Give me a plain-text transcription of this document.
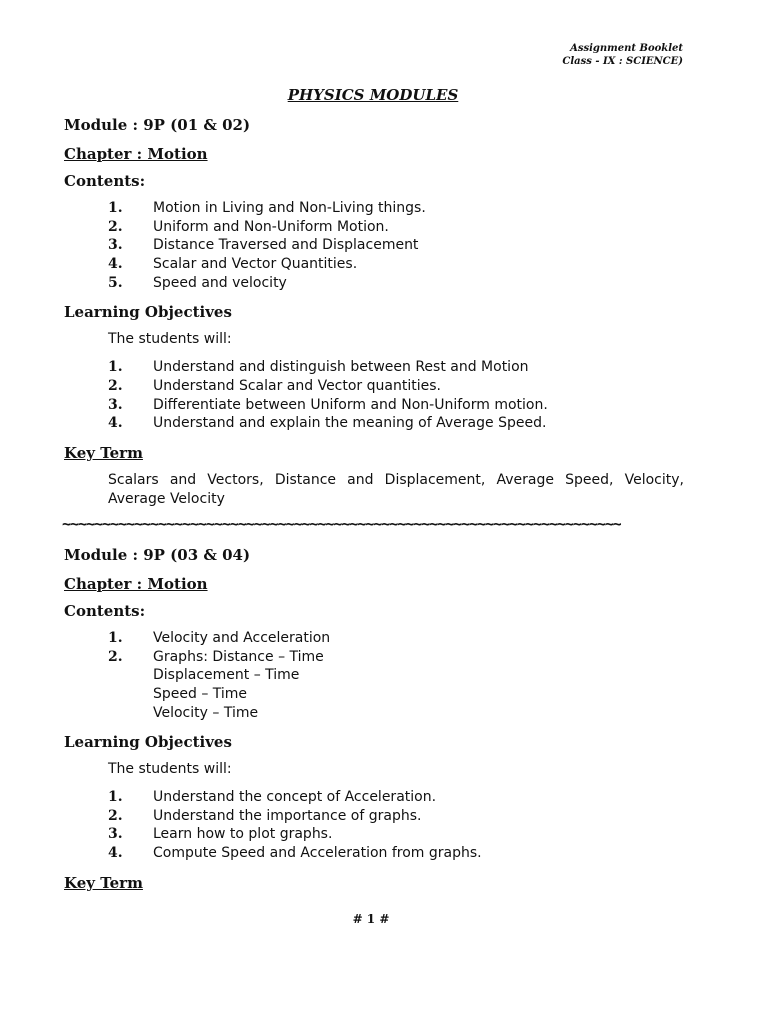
Assignment Booklet
Class - IX : SCIENCE)
PHYSICS MODULES
Module : 9P (01 & 02)
Chapter : Motion
Contents:
1. Motion in Living and Non-Living things.
2. Uniform and Non-Uniform Motion.
3. Distance Traversed and Displacement
4. Scalar and Vector Quantities.
5. Speed and velocity
Learning Objectives
The students will:
1. Understand and distinguish between Rest and Motion
2. Understand Scalar and Vector quantities.
3. Differentiate between Uniform and Non-Uniform motion.
4. Understand and explain the meaning of Average Speed.
Key Term
Scalars and Vectors, Distance and Displacement, Average Speed, Velocity, Average Velocity
~~~~~~~~~~~~~~~~~~~~~~~~~~~~~~~~~~~~~~~~~~~~~~~~~~~~~~~~~~~~~~~~~~~~~~
Module : 9P (03 & 04)
Chapter : Motion
Contents:
1. Velocity and Acceleration
2. Graphs: Distance – Time
Displacement – Time
Speed – Time
Velocity – Time
Learning Objectives
The students will:
1. Understand the concept of Acceleration.
2. Understand the importance of graphs.
3. Learn how to plot graphs.
4. Compute Speed and Acceleration from graphs.
Key Term
# 1 #
